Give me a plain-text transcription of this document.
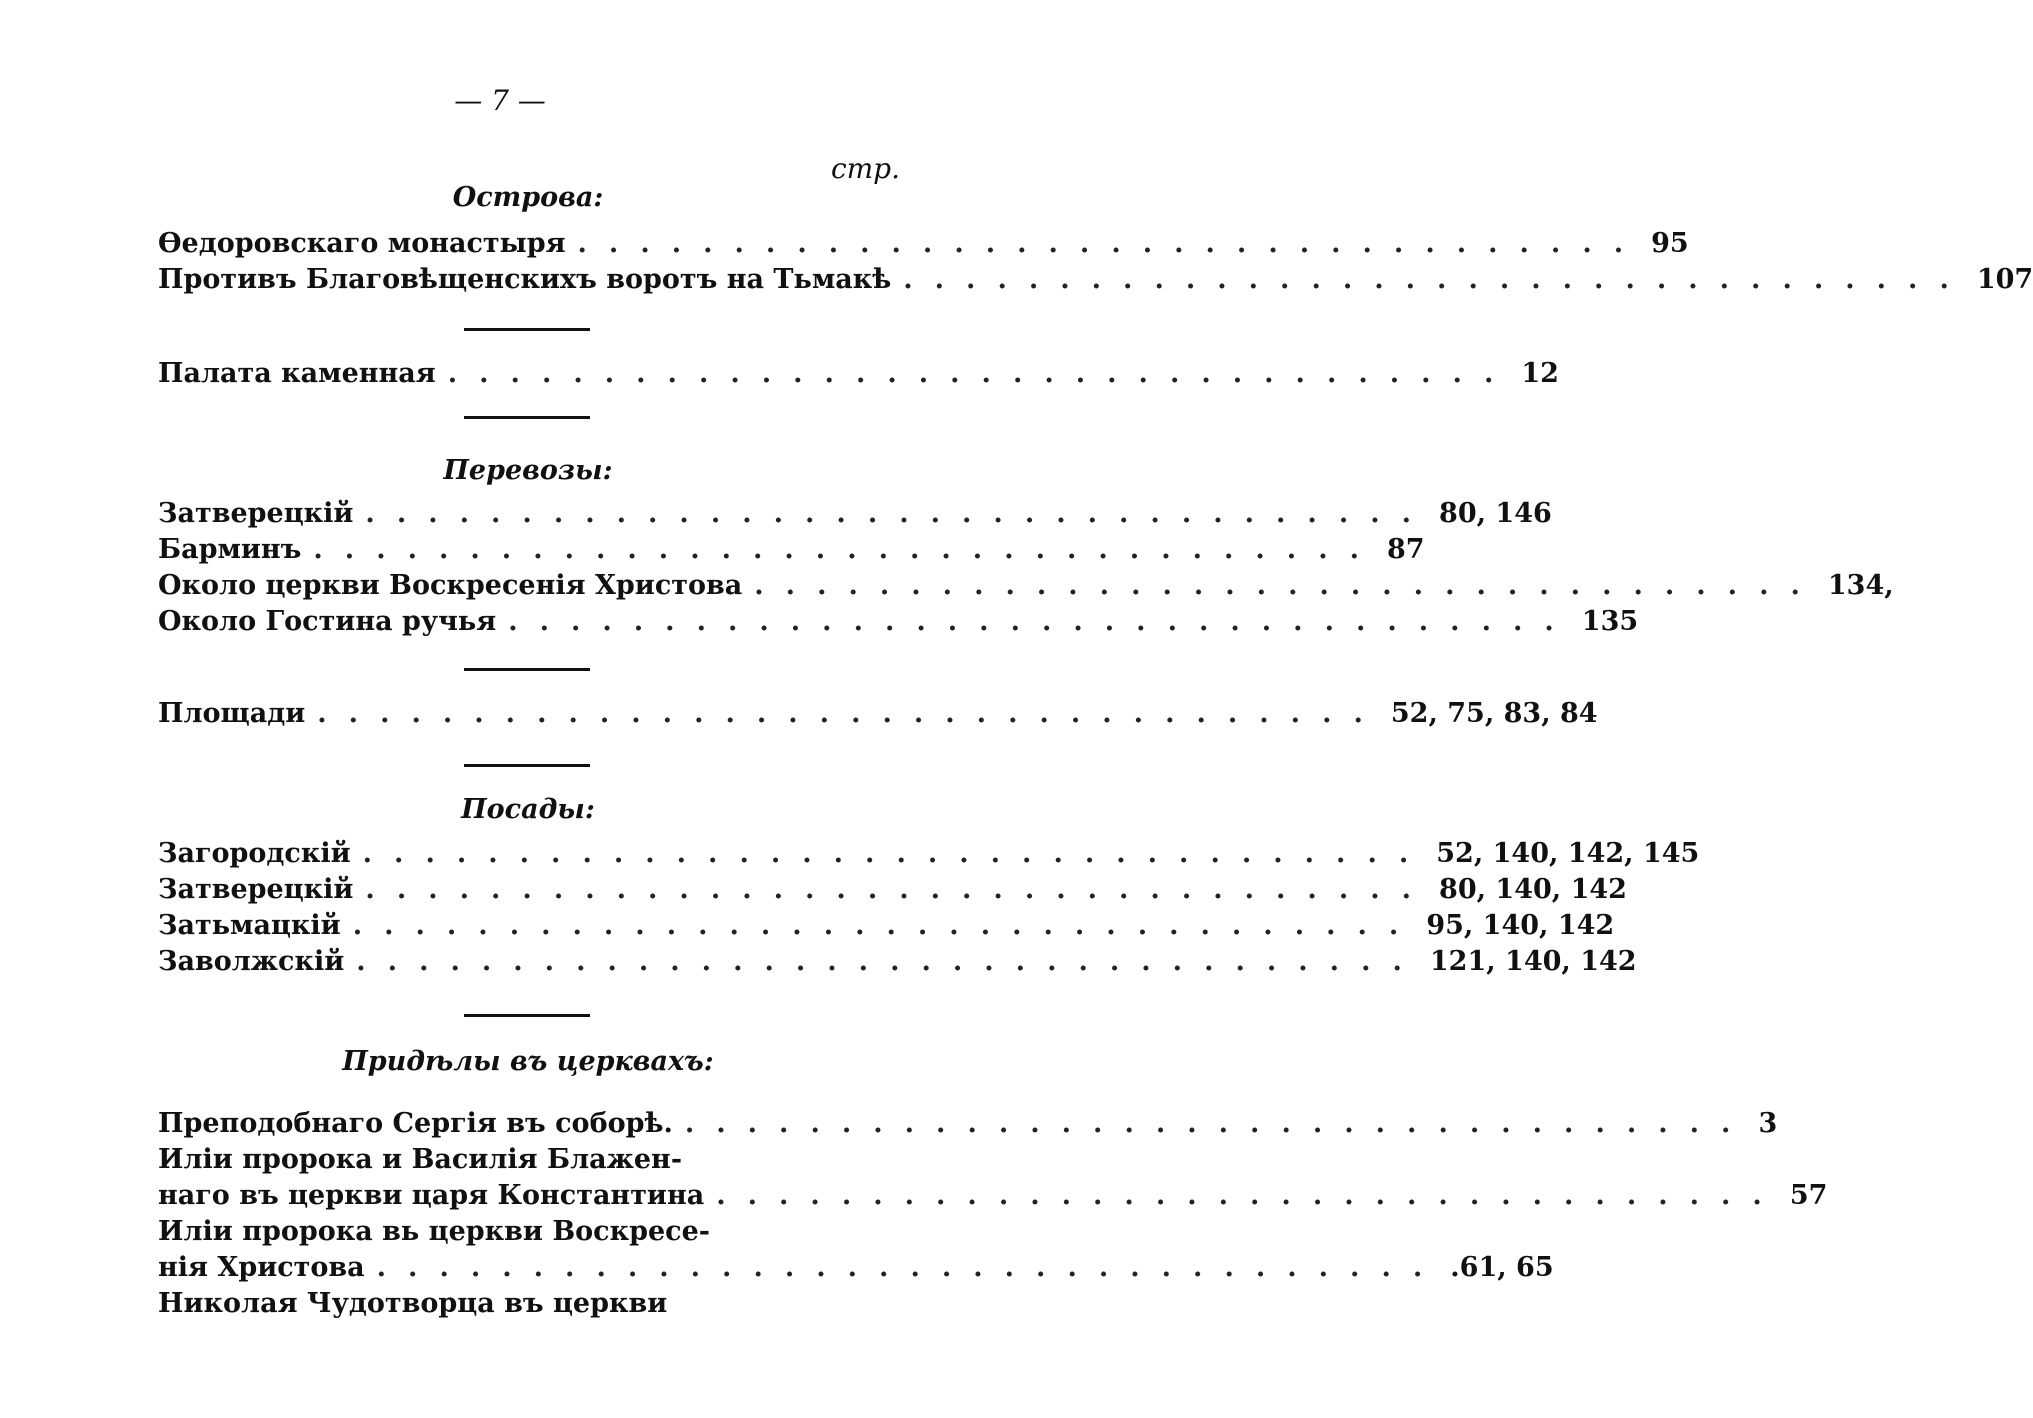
— 7 —
стр.
Острова:
Өедоровскаго монастыря .................................. 95
Противъ Благовѣщенскихъ воротъ на Тьмакѣ .................................. 107
Палата каменная .................................. 12
Перевозы:
Затверецкій .................................. 80, 146
Барминъ .................................. 87
Около церкви Воскресенія Христова .................................. 134,
Около Гостина ручья .................................. 135
Площади .................................. 52, 75, 83, 84
Посады:
Загородскій .................................. 52, 140, 142, 145
Затверецкій .................................. 80, 140, 142
Затьмацкій .................................. 95, 140, 142
Заволжскій .................................. 121, 140, 142
Придѣлы въ церквахъ:
Преподобнаго Сергія въ соборѣ. .................................. 3
Иліи пророка и Василія Блажен-
наго въ церкви царя Константина .................................. 57
Иліи пророка вь церкви Воскресе-
нія Христова .................................. .61, 65
Николая Чудотворца въ церкви
